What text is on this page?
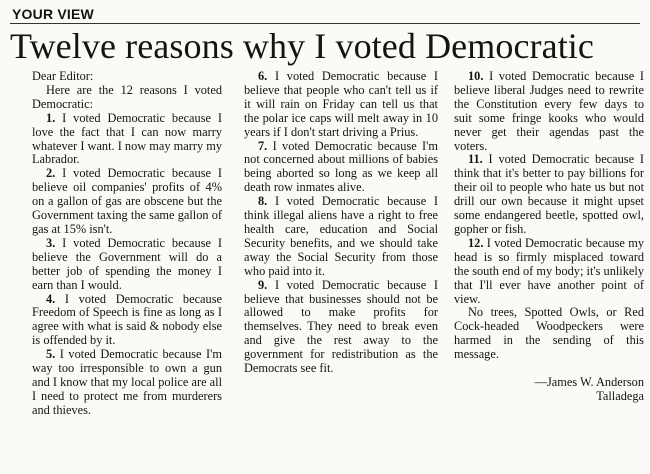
YOUR VIEW
Twelve reasons why I voted Democratic

Dear Editor:

Here are the 12 reasons I voted Democratic:

1. I voted Democratic because I love the fact that I can now marry whatever I want. I now may marry my Labrador.

2. I voted Democratic because I believe oil companies' profits of 4% on a gallon of gas are obscene but the Government taxing the same gallon of gas at 15% isn't.

3. I voted Democratic because I believe the Government will do a better job of spending the money I earn than I would.

4. I voted Democratic because Freedom of Speech is fine as long as I agree with what is said & nobody else is offended by it.

5. I voted Democratic because I'm way too irresponsible to own a gun and I know that my local police are all I need to protect me from murderers and thieves.

6. I voted Democratic because I believe that people who can't tell us if it will rain on Friday can tell us that the polar ice caps will melt away in 10 years if I don't start driving a Prius.

7. I voted Democratic because I'm not concerned about millions of babies being aborted so long as we keep all death row inmates alive.

8. I voted Democratic because I think illegal aliens have a right to free health care, education and Social Security benefits, and we should take away the Social Security from those who paid into it.

9. I voted Democratic because I believe that businesses should not be allowed to make profits for themselves. They need to break even and give the rest away to the government for redistribution as the Democrats see fit.

10. I voted Democratic because I believe liberal Judges need to rewrite the Constitution every few days to suit some fringe kooks who would never get their agendas past the voters.

11. I voted Democratic because I think that it's better to pay billions for their oil to people who hate us but not drill our own because it might upset some endangered beetle, spotted owl, gopher or fish.

12. I voted Democratic because my head is so firmly misplaced toward the south end of my body; it's unlikely that I'll ever have another point of view.

No trees, Spotted Owls, or Red Cock-headed Woodpeckers were harmed in the sending of this message.

—James W. Anderson

Talladega
